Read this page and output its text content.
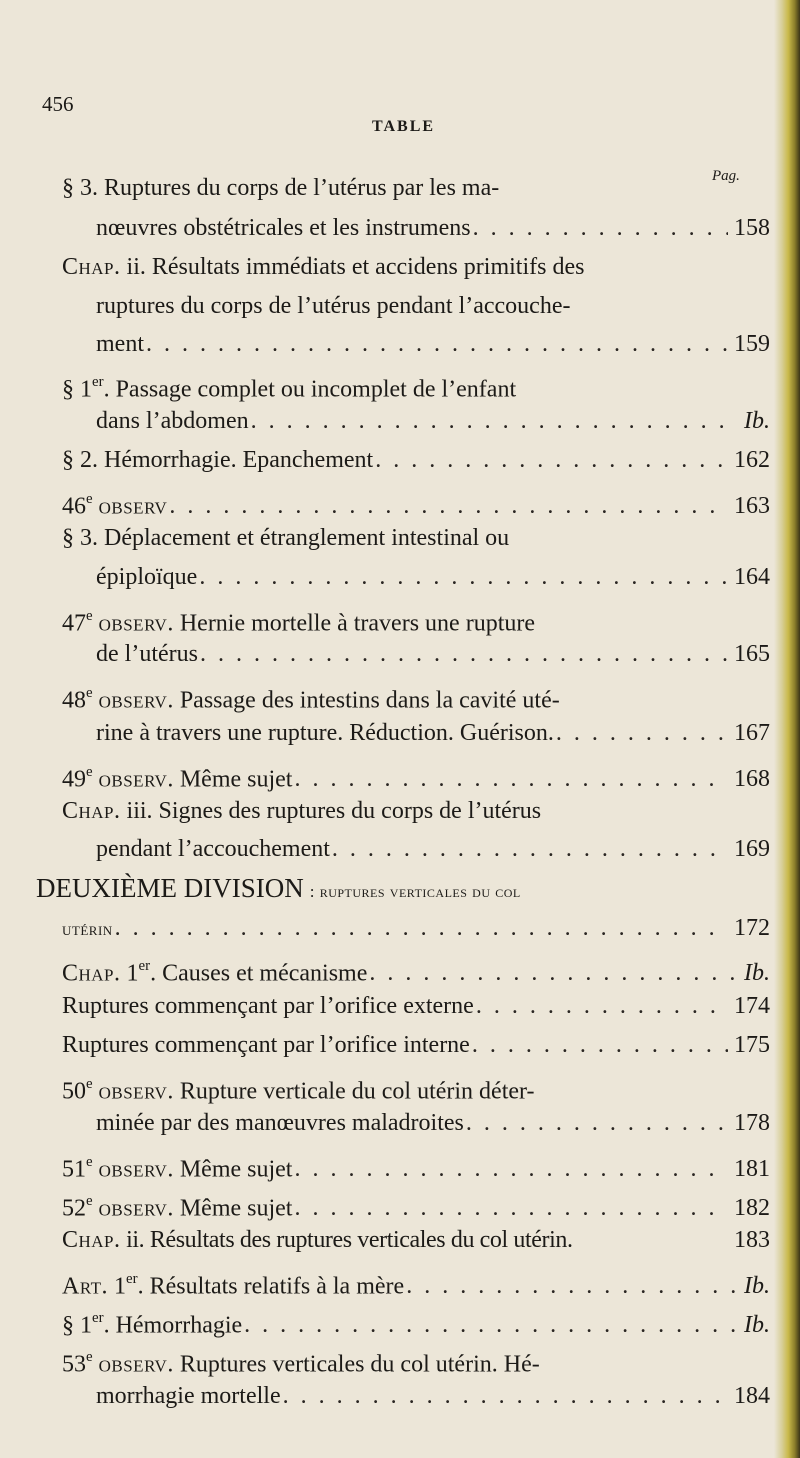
456
TABLE
Pag.
§ 3. Ruptures du corps de l’utérus par les ma-
nœuvres obstétricales et les instrumens . . .	158
Chap. ii. Résultats immédiats et accidens primitifs des
ruptures du corps de l’utérus pendant l’accouche-
ment . . .	159
§ 1er. Passage complet ou incomplet de l’enfant
dans l’abdomen . . .	Ib.
§ 2. Hémorrhagie. Epanchement . . .	162
46e observ . . .	163
§ 3. Déplacement et étranglement intestinal ou
épiploïque . . .	164
47e observ. Hernie mortelle à travers une rupture
de l’utérus . . .	165
48e observ. Passage des intestins dans la cavité uté-
rine à travers une rupture. Réduction. Guérison. . . .	167
49e observ. Même sujet . . .	168
Chap. iii. Signes des ruptures du corps de l’utérus
pendant l’accouchement . . .	169
DEUXIÈME DIVISION : ruptures verticales du col
utérin . . .	172
Chap. 1er. Causes et mécanisme . . .	Ib.
Ruptures commençant par l’orifice externe . . .	174
Ruptures commençant par l’orifice interne . . .	175
50e observ. Rupture verticale du col utérin déter-
minée par des manœuvres maladroites . . .	178
51e observ. Même sujet . . .	181
52e observ. Même sujet . . .	182
Chap. ii. Résultats des ruptures verticales du col utérin.	183
Art. 1er. Résultats relatifs à la mère . . .	Ib.
§ 1er. Hémorrhagie . . .	Ib.
53e observ. Ruptures verticales du col utérin. Hé-
morrhagie mortelle . . .	184
